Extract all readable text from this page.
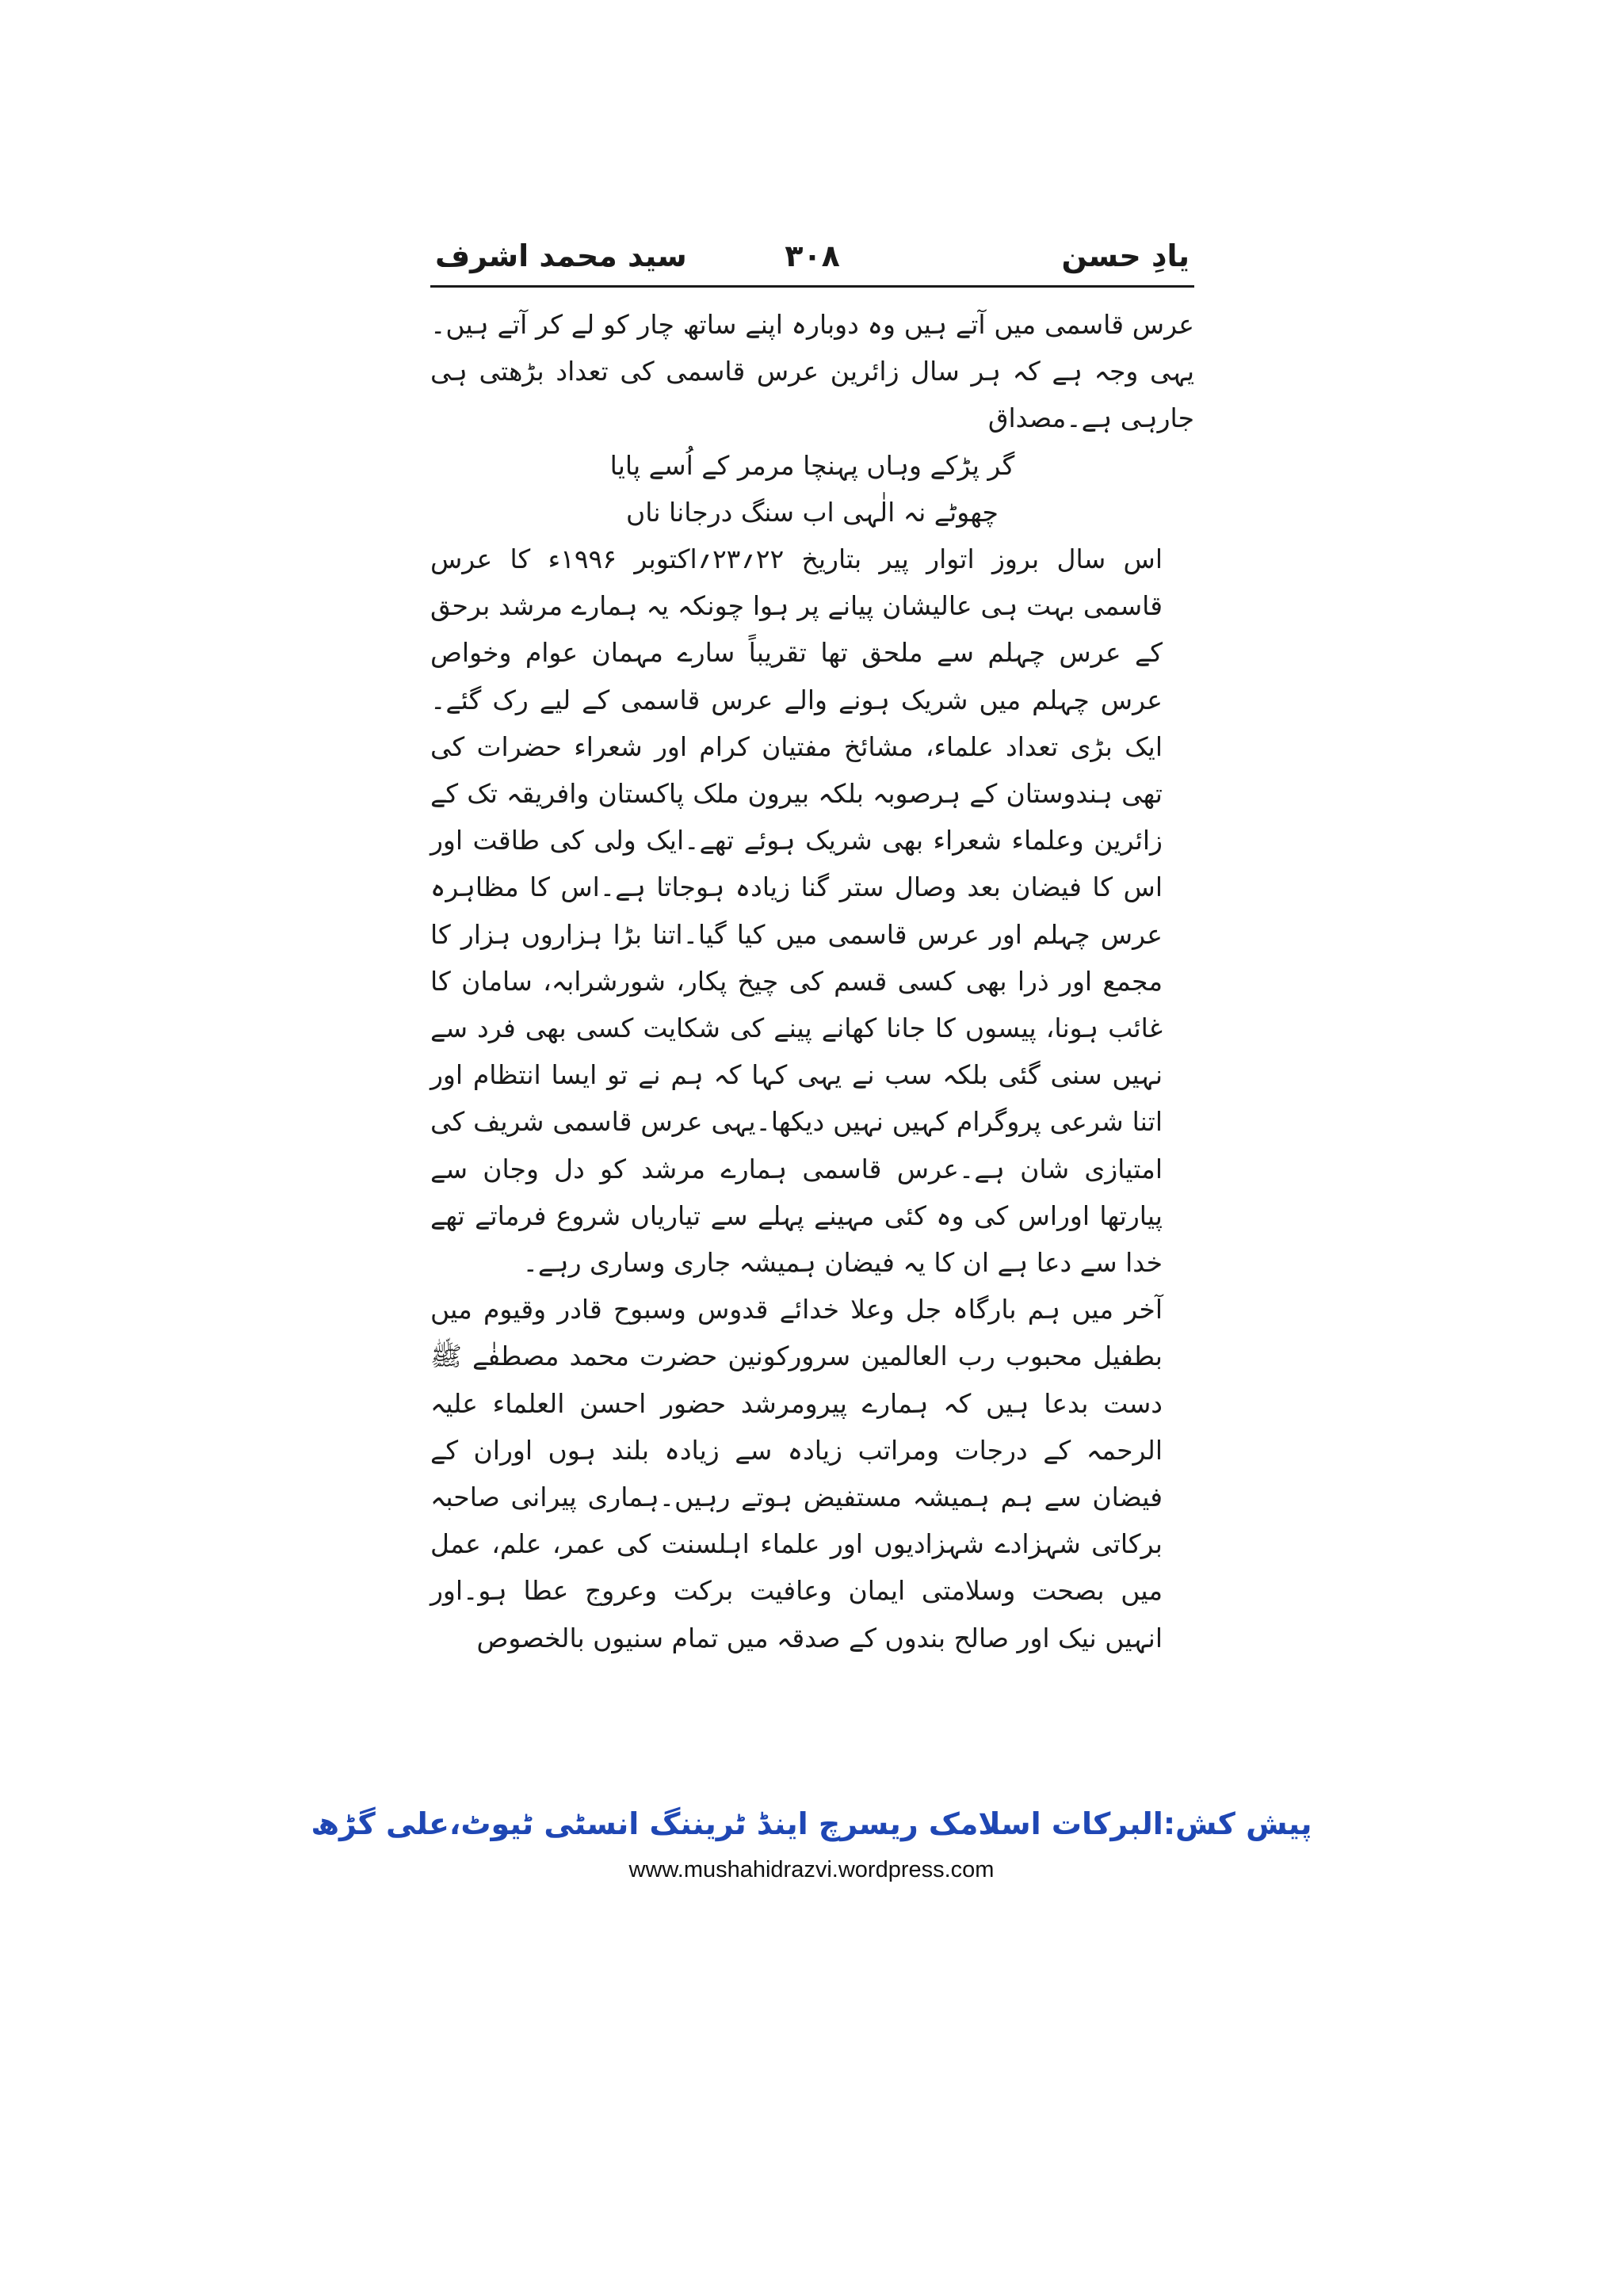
سید محمد اشرف	۳۰۸	یادِ حسن

عرس قاسمی میں آتے ہیں وہ دوبارہ اپنے ساتھ چار کو لے کر آتے ہیں۔یہی وجہ ہے کہ ہر سال زائرین عرس قاسمی کی تعداد بڑھتی ہی جارہی ہے۔مصداق

گر پڑکے وہاں پہنچا مرمر کے اُسے پایا
چھوٹے نہ الٰہی اب سنگ درجانا ناں

اس سال بروز اتوار پیر بتاریخ ۲۲؍۲۳؍اکتوبر ۱۹۹۶ء کا عرس قاسمی بہت ہی عالیشان پیانے پر ہوا چونکہ یہ ہمارے مرشد برحق کے عرس چہلم سے ملحق تھا تقریباً سارے مہمان عوام وخواص عرس چہلم میں شریک ہونے والے عرس قاسمی کے لیے رک گئے۔ایک بڑی تعداد علماء، مشائخ مفتیان کرام اور شعراء حضرات کی تھی ہندوستان کے ہرصوبہ بلکہ بیرون ملک پاکستان وافریقہ تک کے زائرین وعلماء شعراء بھی شریک ہوئے تھے۔ایک ولی کی طاقت اور اس کا فیضان بعد وصال ستر گنا زیادہ ہوجاتا ہے۔اس کا مظاہرہ عرس چہلم اور عرس قاسمی میں کیا گیا۔اتنا بڑا ہزاروں ہزار کا مجمع اور ذرا بھی کسی قسم کی چیخ پکار، شورشرابہ، سامان کا غائب ہونا، پیسوں کا جانا کھانے پینے کی شکایت کسی بھی فرد سے نہیں سنی گئی بلکہ سب نے یہی کہا کہ ہم نے تو ایسا انتظام اور اتنا شرعی پروگرام کہیں نہیں دیکھا۔یہی عرس قاسمی شریف کی امتیازی شان ہے۔عرس قاسمی ہمارے مرشد کو دل وجان سے پیارتھا اوراس کی وہ کئی مہینے پہلے سے تیاریاں شروع فرماتے تھے خدا سے دعا ہے ان کا یہ فیضان ہمیشہ جاری وساری رہے۔

آخر میں ہم بارگاہ جل وعلا خدائے قدوس وسبوح قادر وقیوم میں بطفیل محبوب رب العالمین سرورکونین حضرت محمد مصطفٰے ﷺ دست بدعا ہیں کہ ہمارے پیرومرشد حضور احسن العلماء علیہ الرحمہ کے درجات ومراتب زیادہ سے زیادہ بلند ہوں اوران کے فیضان سے ہم ہمیشہ مستفیض ہوتے رہیں۔ہماری پیرانی صاحبہ برکاتی شہزادے شہزادیوں اور علماء اہلسنت کی عمر، علم، عمل میں بصحت وسلامتی ایمان وعافیت برکت وعروج عطا ہو۔اور انہیں نیک اور صالح بندوں کے صدقہ میں تمام سنیوں بالخصوص

پیش کش:البرکات اسلامک ریسرچ اینڈ ٹریننگ انسٹی ٹیوٹ،علی گڑھ
www.mushahidrazvi.wordpress.com
